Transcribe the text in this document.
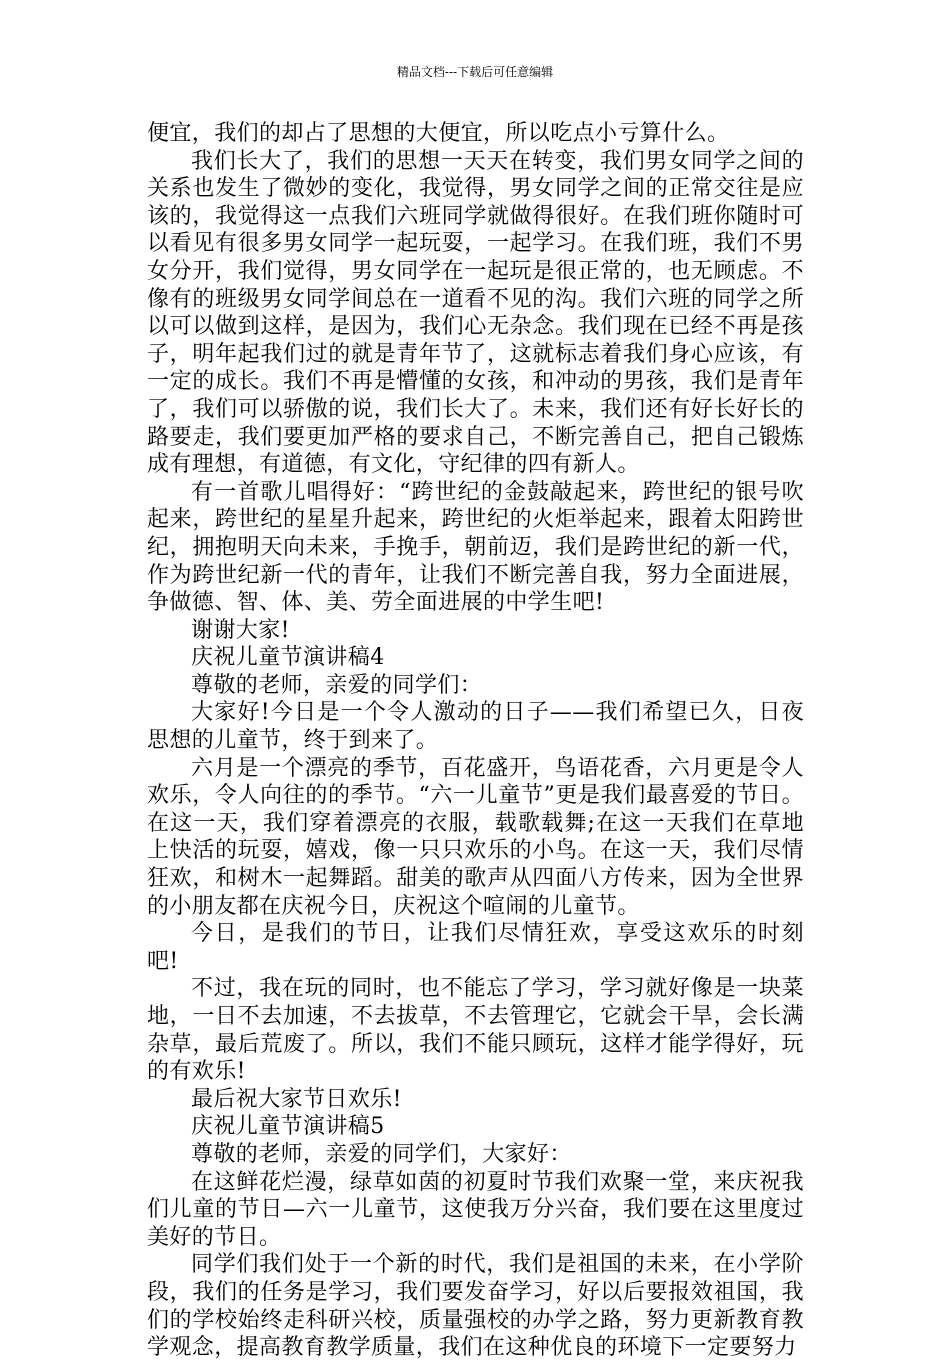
精品文档---下载后可任意编辑

便宜，我们的却占了思想的大便宜，所以吃点小亏算什么。

我们长大了，我们的思想一天天在转变，我们男女同学之间的关系也发生了微妙的变化，我觉得，男女同学之间的正常交往是应该的，我觉得这一点我们六班同学就做得很好。在我们班你随时可以看见有很多男女同学一起玩耍，一起学习。在我们班，我们不男女分开，我们觉得，男女同学在一起玩是很正常的，也无顾虑。不像有的班级男女同学间总在一道看不见的沟。我们六班的同学之所以可以做到这样，是因为，我们心无杂念。我们现在已经不再是孩子，明年起我们过的就是青年节了，这就标志着我们身心应该，有一定的成长。我们不再是懵懂的女孩，和冲动的男孩，我们是青年了，我们可以骄傲的说，我们长大了。未来，我们还有好长好长的路要走，我们要更加严格的要求自己，不断完善自己，把自己锻炼成有理想，有道德，有文化，守纪律的四有新人。

有一首歌儿唱得好：“跨世纪的金鼓敲起来，跨世纪的银号吹起来，跨世纪的星星升起来，跨世纪的火炬举起来，跟着太阳跨世纪，拥抱明天向未来，手挽手，朝前迈，我们是跨世纪的新一代，作为跨世纪新一代的青年，让我们不断完善自我，努力全面进展，争做德、智、体、美、劳全面进展的中学生吧!

谢谢大家!

庆祝儿童节演讲稿4

尊敬的老师，亲爱的同学们：

大家好!今日是一个令人激动的日子——我们希望已久，日夜思想的儿童节，终于到来了。

六月是一个漂亮的季节，百花盛开，鸟语花香，六月更是令人欢乐，令人向往的的季节。“六一儿童节”更是我们最喜爱的节日。在这一天，我们穿着漂亮的衣服，载歌载舞;在这一天我们在草地上快活的玩耍，嬉戏，像一只只欢乐的小鸟。在这一天，我们尽情狂欢，和树木一起舞蹈。甜美的歌声从四面八方传来，因为全世界的小朋友都在庆祝今日，庆祝这个喧闹的儿童节。

今日，是我们的节日，让我们尽情狂欢，享受这欢乐的时刻吧!

不过，我在玩的同时，也不能忘了学习，学习就好像是一块菜地，一日不去加速，不去拔草，不去管理它，它就会干旱，会长满杂草，最后荒废了。所以，我们不能只顾玩，这样才能学得好，玩的有欢乐!

最后祝大家节日欢乐!

庆祝儿童节演讲稿5

尊敬的老师，亲爱的同学们，大家好：

在这鲜花烂漫，绿草如茵的初夏时节我们欢聚一堂，来庆祝我们儿童的节日—六一儿童节，这使我万分兴奋，我们要在这里度过美好的节日。

同学们我们处于一个新的时代，我们是祖国的未来，在小学阶段，我们的任务是学习，我们要发奋学习，好以后要报效祖国，我们的学校始终走科研兴校，质量强校的办学之路，努力更新教育教学观念，提高教育教学质量，我们在这种优良的环境下一定要努力
